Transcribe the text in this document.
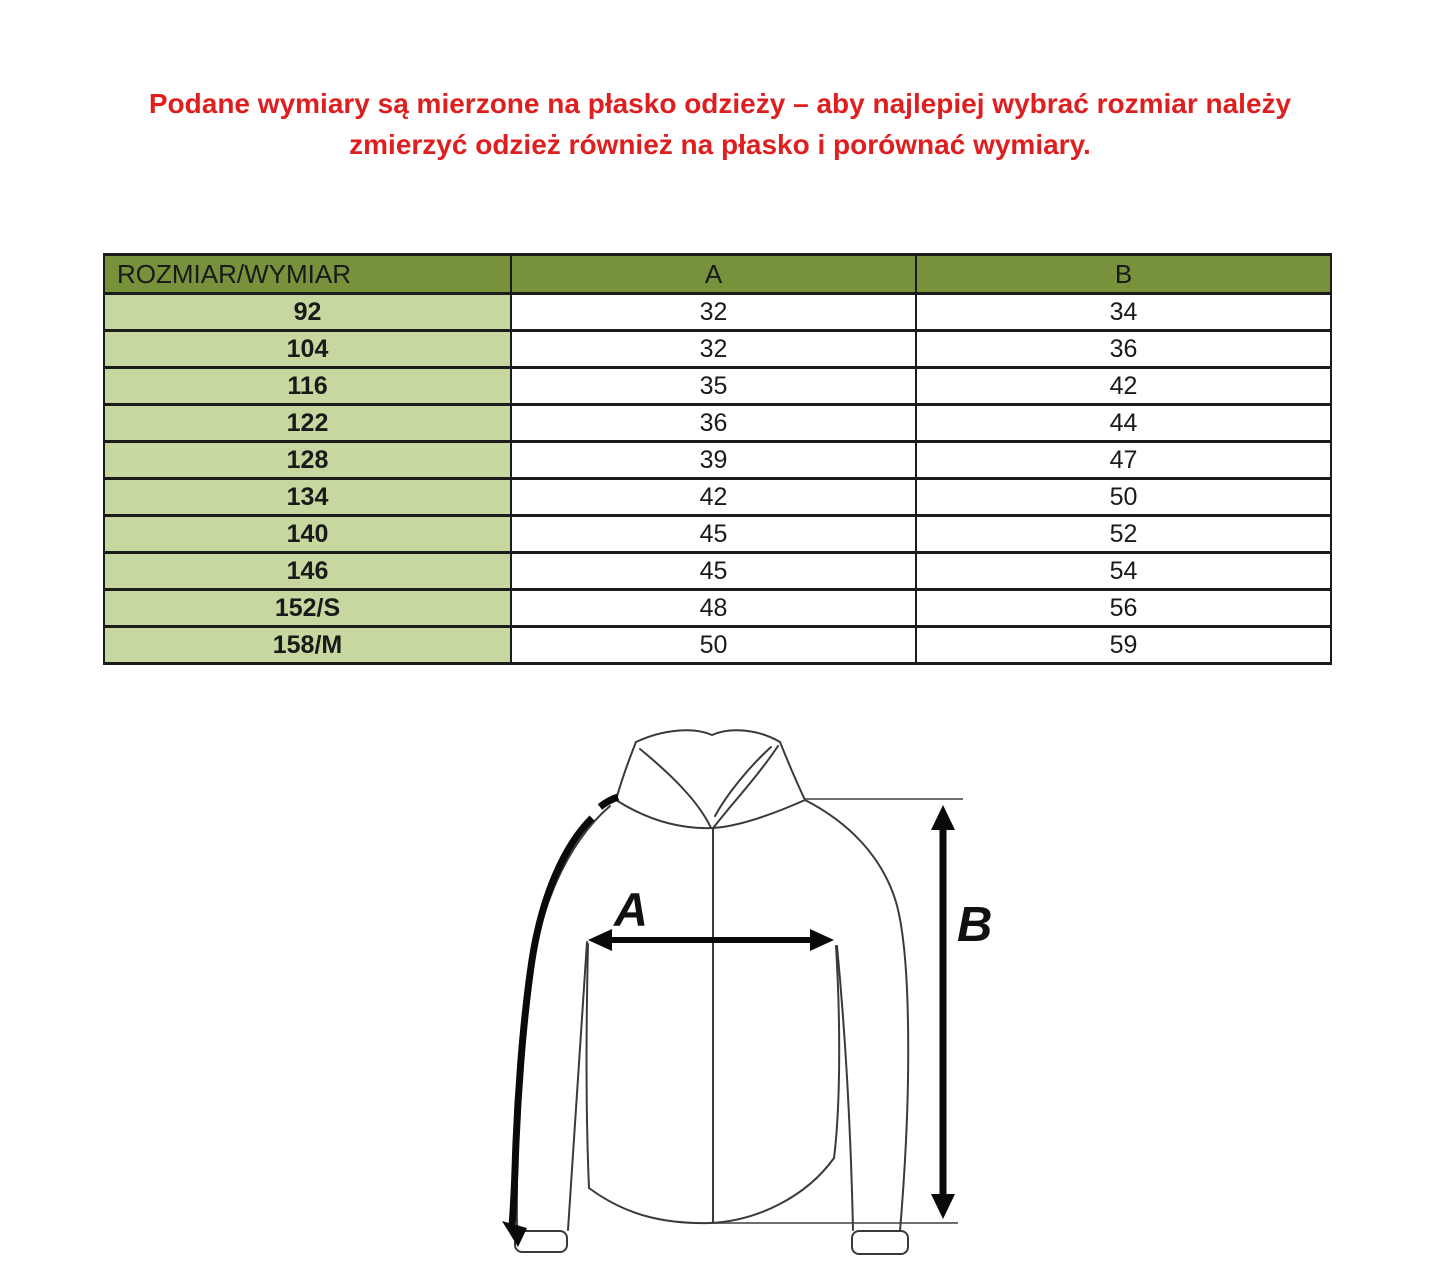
Podane wymiary są mierzone na płasko odzieży – aby najlepiej wybrać rozmiar należy
zmierzyć odzież również na płasko i porównać wymiary.
ROZMIAR/WYMIAR	A	B
92	32	34
104	32	36
116	35	42
122	36	44
128	39	47
134	42	50
140	45	52
146	45	54
152/S	48	56
158/M	50	59
A	B
